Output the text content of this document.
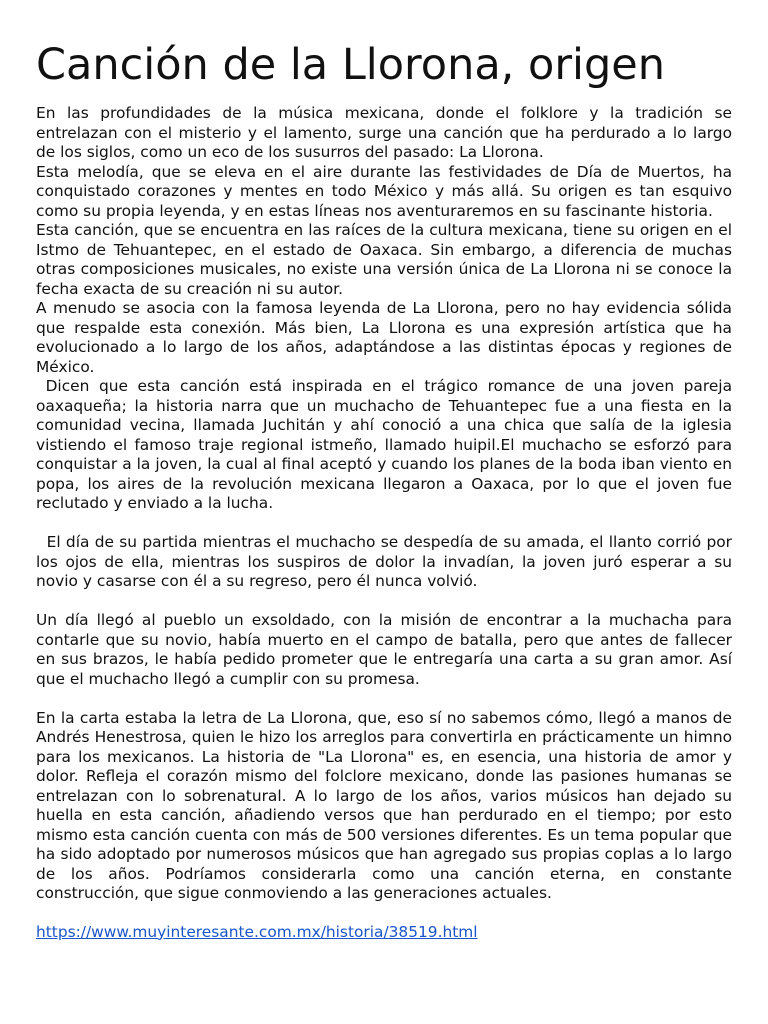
Canción de la Llorona, origen

En las profundidades de la música mexicana, donde el folklore y la tradición se entrelazan con el misterio y el lamento, surge una canción que ha perdurado a lo largo de los siglos, como un eco de los susurros del pasado: La Llorona.

Esta melodía, que se eleva en el aire durante las festividades de Día de Muertos, ha conquistado corazones y mentes en todo México y más allá. Su origen es tan esquivo como su propia leyenda, y en estas líneas nos aventuraremos en su fascinante historia.

Esta canción, que se encuentra en las raíces de la cultura mexicana, tiene su origen en el Istmo de Tehuantepec, en el estado de Oaxaca. Sin embargo, a diferencia de muchas otras composiciones musicales, no existe una versión única de La Llorona ni se conoce la fecha exacta de su creación ni su autor.

A menudo se asocia con la famosa leyenda de La Llorona, pero no hay evidencia sólida que respalde esta conexión. Más bien, La Llorona es una expresión artística que ha evolucionado a lo largo de los años, adaptándose a las distintas épocas y regiones de México.

Dicen que esta canción está inspirada en el trágico romance de una joven pareja oaxaqueña; la historia narra que un muchacho de Tehuantepec fue a una fiesta en la comunidad vecina, llamada Juchitán y ahí conoció a una chica que salía de la iglesia vistiendo el famoso traje regional istmeño, llamado huipil.El muchacho se esforzó para conquistar a la joven, la cual al final aceptó y cuando los planes de la boda iban viento en popa, los aires de la revolución mexicana llegaron a Oaxaca, por lo que el joven fue reclutado y enviado a la lucha.

El día de su partida mientras el muchacho se despedía de su amada, el llanto corrió por los ojos de ella, mientras los suspiros de dolor la invadían, la joven juró esperar a su novio y casarse con él a su regreso, pero él nunca volvió.

Un día llegó al pueblo un exsoldado, con la misión de encontrar a la muchacha para contarle que su novio, había muerto en el campo de batalla, pero que antes de fallecer en sus brazos, le había pedido prometer que le entregaría una carta a su gran amor. Así que el muchacho llegó a cumplir con su promesa.

En la carta estaba la letra de La Llorona, que, eso sí no sabemos cómo, llegó a manos de Andrés Henestrosa, quien le hizo los arreglos para convertirla en prácticamente un himno para los mexicanos. La historia de "La Llorona" es, en esencia, una historia de amor y dolor. Refleja el corazón mismo del folclore mexicano, donde las pasiones humanas se entrelazan con lo sobrenatural. A lo largo de los años, varios músicos han dejado su huella en esta canción, añadiendo versos que han perdurado en el tiempo; por esto mismo esta canción cuenta con más de 500 versiones diferentes. Es un tema popular que ha sido adoptado por numerosos músicos que han agregado sus propias coplas a lo largo de los años. Podríamos considerarla como una canción eterna, en constante construcción, que sigue conmoviendo a las generaciones actuales.

https://www.muyinteresante.com.mx/historia/38519.html
